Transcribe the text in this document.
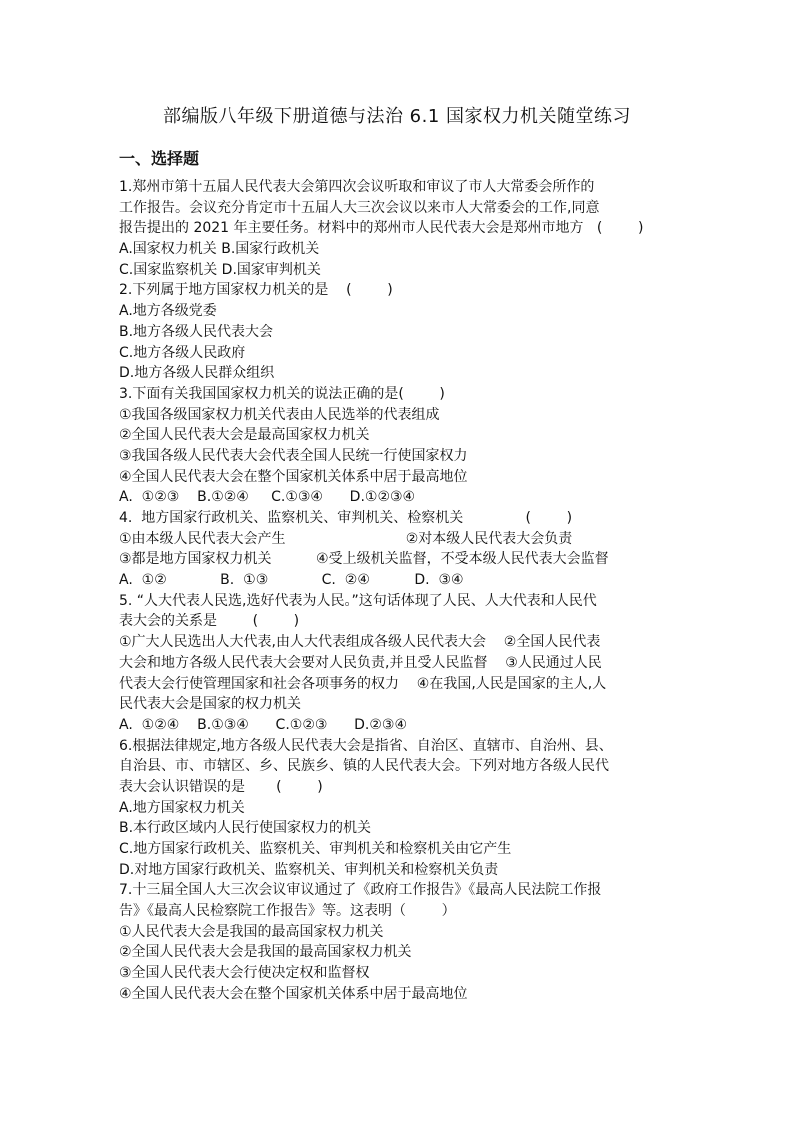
部编版八年级下册道德与法治 6.1 国家权力机关随堂练习
一、选择题
1.郑州市第十五届人民代表大会第四次会议听取和审议了市人大常委会所作的
工作报告。会议充分肯定市十五届人大三次会议以来市人大常委会的工作,同意
报告提出的 2021 年主要任务。材料中的郑州市人民代表大会是郑州市地方   (        )
A.国家权力机关 B.国家行政机关
C.国家监察机关 D.国家审判机关
2.下列属于地方国家权力机关的是    (        )
A.地方各级党委
B.地方各级人民代表大会
C.地方各级人民政府
D.地方各级人民群众组织
3.下面有关我国国家权力机关的说法正确的是(        )
①我国各级国家权力机关代表由人民选举的代表组成
②全国人民代表大会是最高国家权力机关
③我国各级人民代表大会代表全国人民统一行使国家权力
④全国人民代表大会在整个国家机关体系中居于最高地位
A.  ①②③    B.①②④     C.①③④      D.①②③④
4.  地方国家行政机关、监察机关、审判机关、检察机关              (        )
①由本级人民代表大会产生                           ②对本级人民代表大会负责
③都是地方国家权力机关          ④受上级机关监督，不受本级人民代表大会监督
A.  ①②            B.  ①③            C.  ②④          D.  ③④
5. “人大代表人民选,选好代表为人民。”这句话体现了人民、人大代表和人民代
表大会的关系是        (        )
①广大人民选出人大代表,由人大代表组成各级人民代表大会    ②全国人民代表
大会和地方各级人民代表大会要对人民负责,并且受人民监督    ③人民通过人民
代表大会行使管理国家和社会各项事务的权力    ④在我国,人民是国家的主人,人
民代表大会是国家的权力机关
A.  ①②④    B.①③④      C.①②③      D.②③④
6.根据法律规定,地方各级人民代表大会是指省、自治区、直辖市、自治州、县、
自治县、市、市辖区、乡、民族乡、镇的人民代表大会。下列对地方各级人民代
表大会认识错误的是       (        )
A.地方国家权力机关
B.本行政区域内人民行使国家权力的机关
C.地方国家行政机关、监察机关、审判机关和检察机关由它产生
D.对地方国家行政机关、监察机关、审判机关和检察机关负责
7.十三届全国人大三次会议审议通过了《政府工作报告》《最高人民法院工作报
告》《最高人民检察院工作报告》等。这表明（        ）
①人民代表大会是我国的最高国家权力机关
②全国人民代表大会是我国的最高国家权力机关
③全国人民代表大会行使决定权和监督权
④全国人民代表大会在整个国家机关体系中居于最高地位
